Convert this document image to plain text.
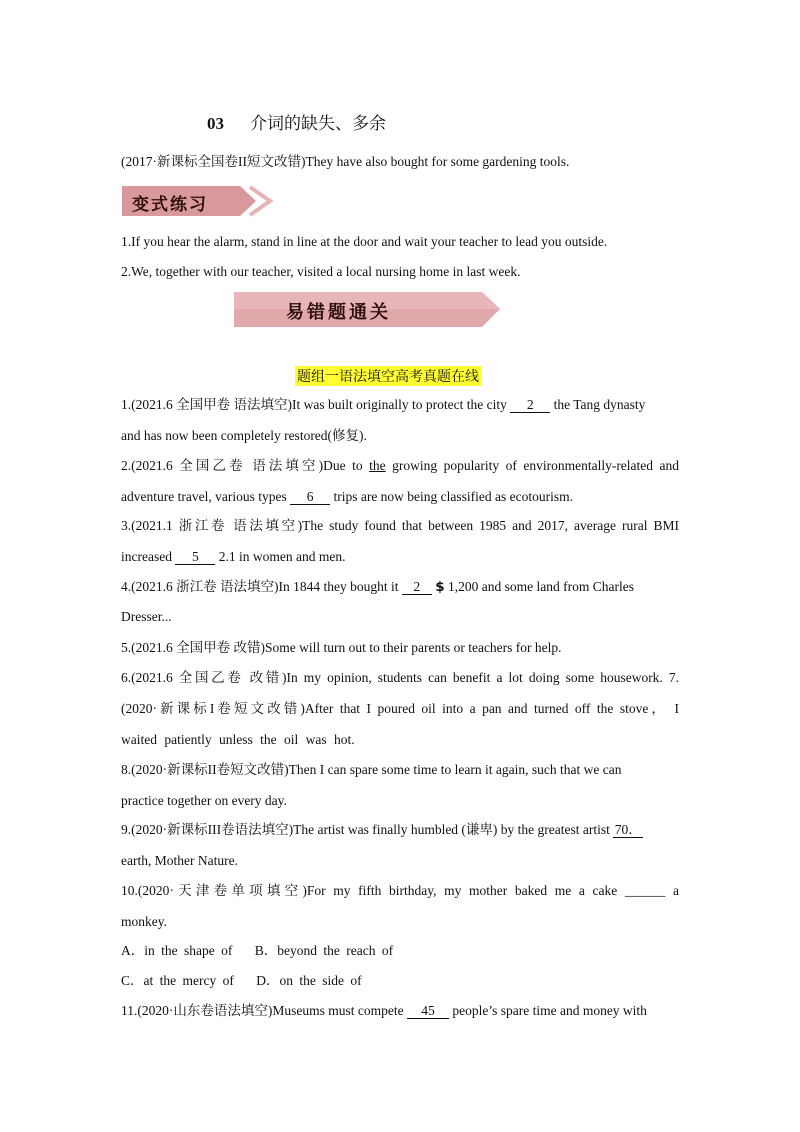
03 介词的缺失、多余
(2017·新课标全国卷II短文改错)They have also bought for some gardening tools.
变式练习
1.If you hear the alarm, stand in line at the door and wait your teacher to lead you outside.
2.We, together with our teacher, visited a local nursing home in last week.
易错题通关
题组一语法填空高考真题在线
1.(2021.6 全国甲卷 语法填空)It was built originally to protect the city 2 the Tang dynasty
and has now been completely restored(修复).
2.(2021.6 全国乙卷 语法填空)Due to the growing popularity of environmentally-related and
adventure travel, various types 6 trips are now being classified as ecotourism.
3.(2021.1 浙江卷 语法填空)The study found that between 1985 and 2017, average rural BMI
increased 5 2.1 in women and men.
4.(2021.6 浙江卷 语法填空)In 1844 they bought it 2 $ 1,200 and some land from Charles
Dresser...
5.(2021.6 全国甲卷 改错)Some will turn out to their parents or teachers for help.
6.(2021.6 全国乙卷 改错)In my opinion, students can benefit a lot doing some housework. 7.
(2020·新课标I卷短文改错)After that I poured oil into a pan and turned off the stove， I
waited patiently unless the oil was hot.
8.(2020·新课标II卷短文改错)Then I can spare some time to learn it again, such that we can
practice together on every day.
9.(2020·新课标III卷语法填空)The artist was finally humbled (谦卑) by the greatest artist 70．
earth, Mother Nature.
10.(2020·天津卷单项填空)For my fifth birthday, my mother baked me a cake ______ a
monkey.
A．in the shape of B．beyond the reach of
C．at the mercy of D．on the side of
11.(2020·山东卷语法填空)Museums must compete 45 people’s spare time and money with
